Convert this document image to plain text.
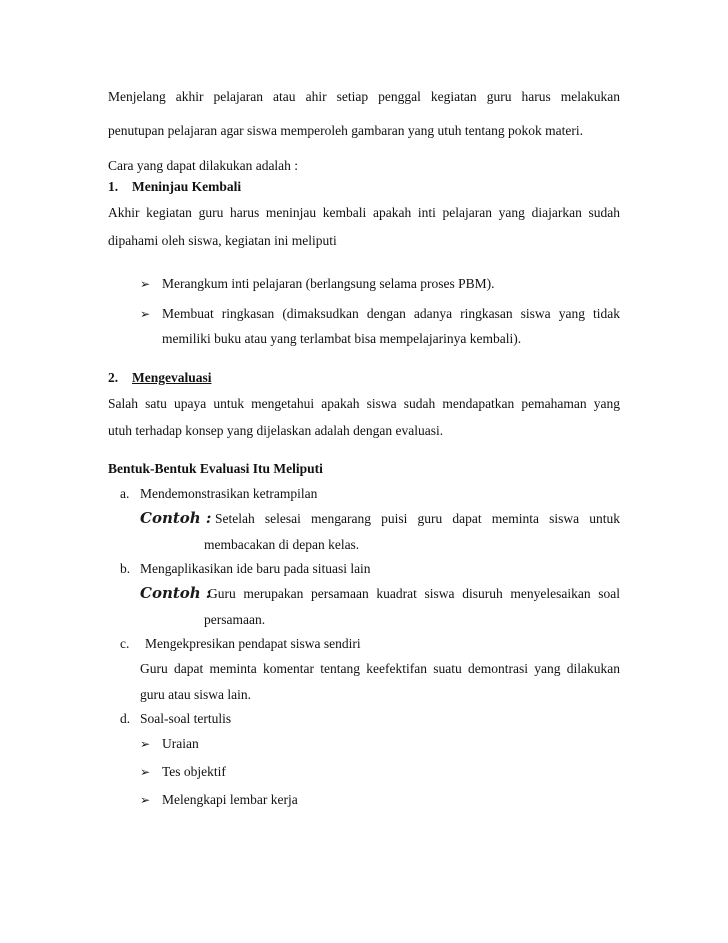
Menjelang akhir pelajaran atau ahir setiap penggal kegiatan guru harus melakukan
penutupan pelajaran agar siswa memperoleh gambaran yang utuh tentang pokok materi.
Cara yang dapat dilakukan adalah :
1. Meninjau Kembali
Akhir kegiatan guru harus meninjau kembali apakah inti pelajaran yang diajarkan sudah
dipahami oleh siswa, kegiatan ini meliputi
➢ Merangkum inti pelajaran (berlangsung selama proses PBM).
➢ Membuat ringkasan (dimaksudkan dengan adanya ringkasan siswa yang tidak
memiliki buku atau yang terlambat bisa mempelajarinya kembali).
2. Mengevaluasi
Salah satu upaya untuk mengetahui apakah siswa sudah mendapatkan pemahaman yang
utuh terhadap konsep yang dijelaskan adalah dengan evaluasi.
Bentuk-Bentuk Evaluasi Itu Meliputi
a. Mendemonstrasikan ketrampilan
Contoh : Setelah selesai mengarang puisi guru dapat meminta siswa untuk
membacakan di depan kelas.
b. Mengaplikasikan ide baru pada situasi lain
Contoh :
Guru merupakan persamaan kuadrat siswa disuruh menyelesaikan soal
persamaan.
c. Mengekpresikan pendapat siswa sendiri
Guru dapat meminta komentar tentang keefektifan suatu demontrasi yang dilakukan
guru atau siswa lain.
d. Soal-soal tertulis
➢ Uraian
➢ Tes objektif
➢ Melengkapi lembar kerja
